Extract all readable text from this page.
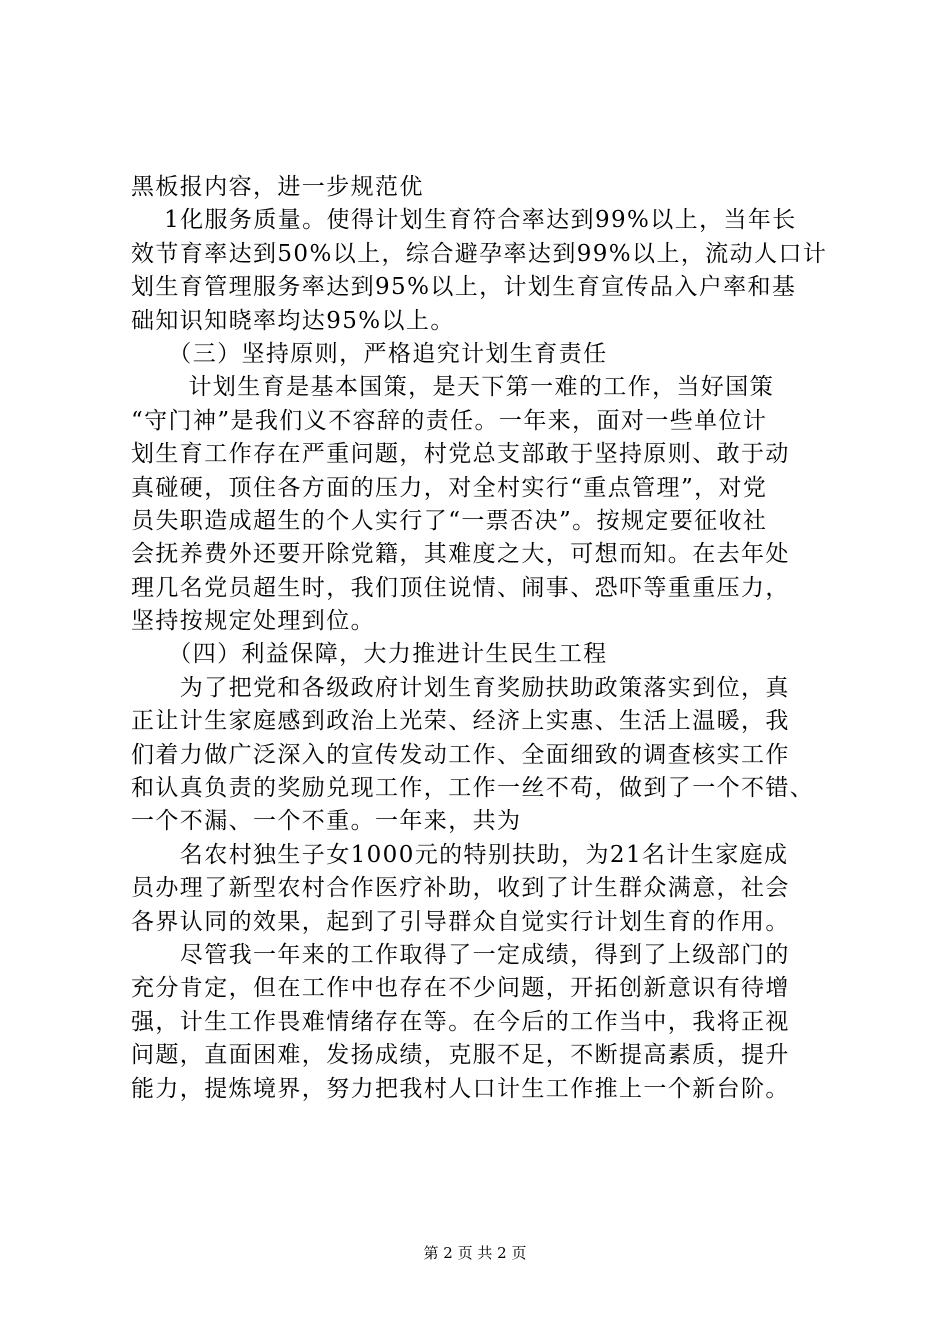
黑板报内容，进一步规范优
　 1化服务质量。使得计划生育符合率达到99%以上，当年长
效节育率达到50%以上，综合避孕率达到99%以上，流动人口计
划生育管理服务率达到95%以上，计划生育宣传品入户率和基
础知识知晓率均达95%以上。
　　（三）坚持原则，严格追究计划生育责任
　　 计划生育是基本国策，是天下第一难的工作，当好国策
“守门神”是我们义不容辞的责任。一年来，面对一些单位计
划生育工作存在严重问题，村党总支部敢于坚持原则、敢于动
真碰硬，顶住各方面的压力，对全村实行“重点管理”，对党
员失职造成超生的个人实行了“一票否决”。按规定要征收社
会抚养费外还要开除党籍，其难度之大，可想而知。在去年处
理几名党员超生时，我们顶住说情、闹事、恐吓等重重压力，
坚持按规定处理到位。
　　（四）利益保障，大力推进计生民生工程
　　为了把党和各级政府计划生育奖励扶助政策落实到位，真
正让计生家庭感到政治上光荣、经济上实惠、生活上温暖，我
们着力做广泛深入的宣传发动工作、全面细致的调查核实工作
和认真负责的奖励兑现工作，工作一丝不苟，做到了一个不错、
一个不漏、一个不重。一年来，共为
　　名农村独生子女1000元的特别扶助，为21名计生家庭成
员办理了新型农村合作医疗补助，收到了计生群众满意，社会
各界认同的效果，起到了引导群众自觉实行计划生育的作用。
　　尽管我一年来的工作取得了一定成绩，得到了上级部门的
充分肯定，但在工作中也存在不少问题，开拓创新意识有待增
强，计生工作畏难情绪存在等。在今后的工作当中，我将正视
问题，直面困难，发扬成绩，克服不足，不断提高素质，提升
能力，提炼境界，努力把我村人口计生工作推上一个新台阶。
第 2 页 共 2 页
